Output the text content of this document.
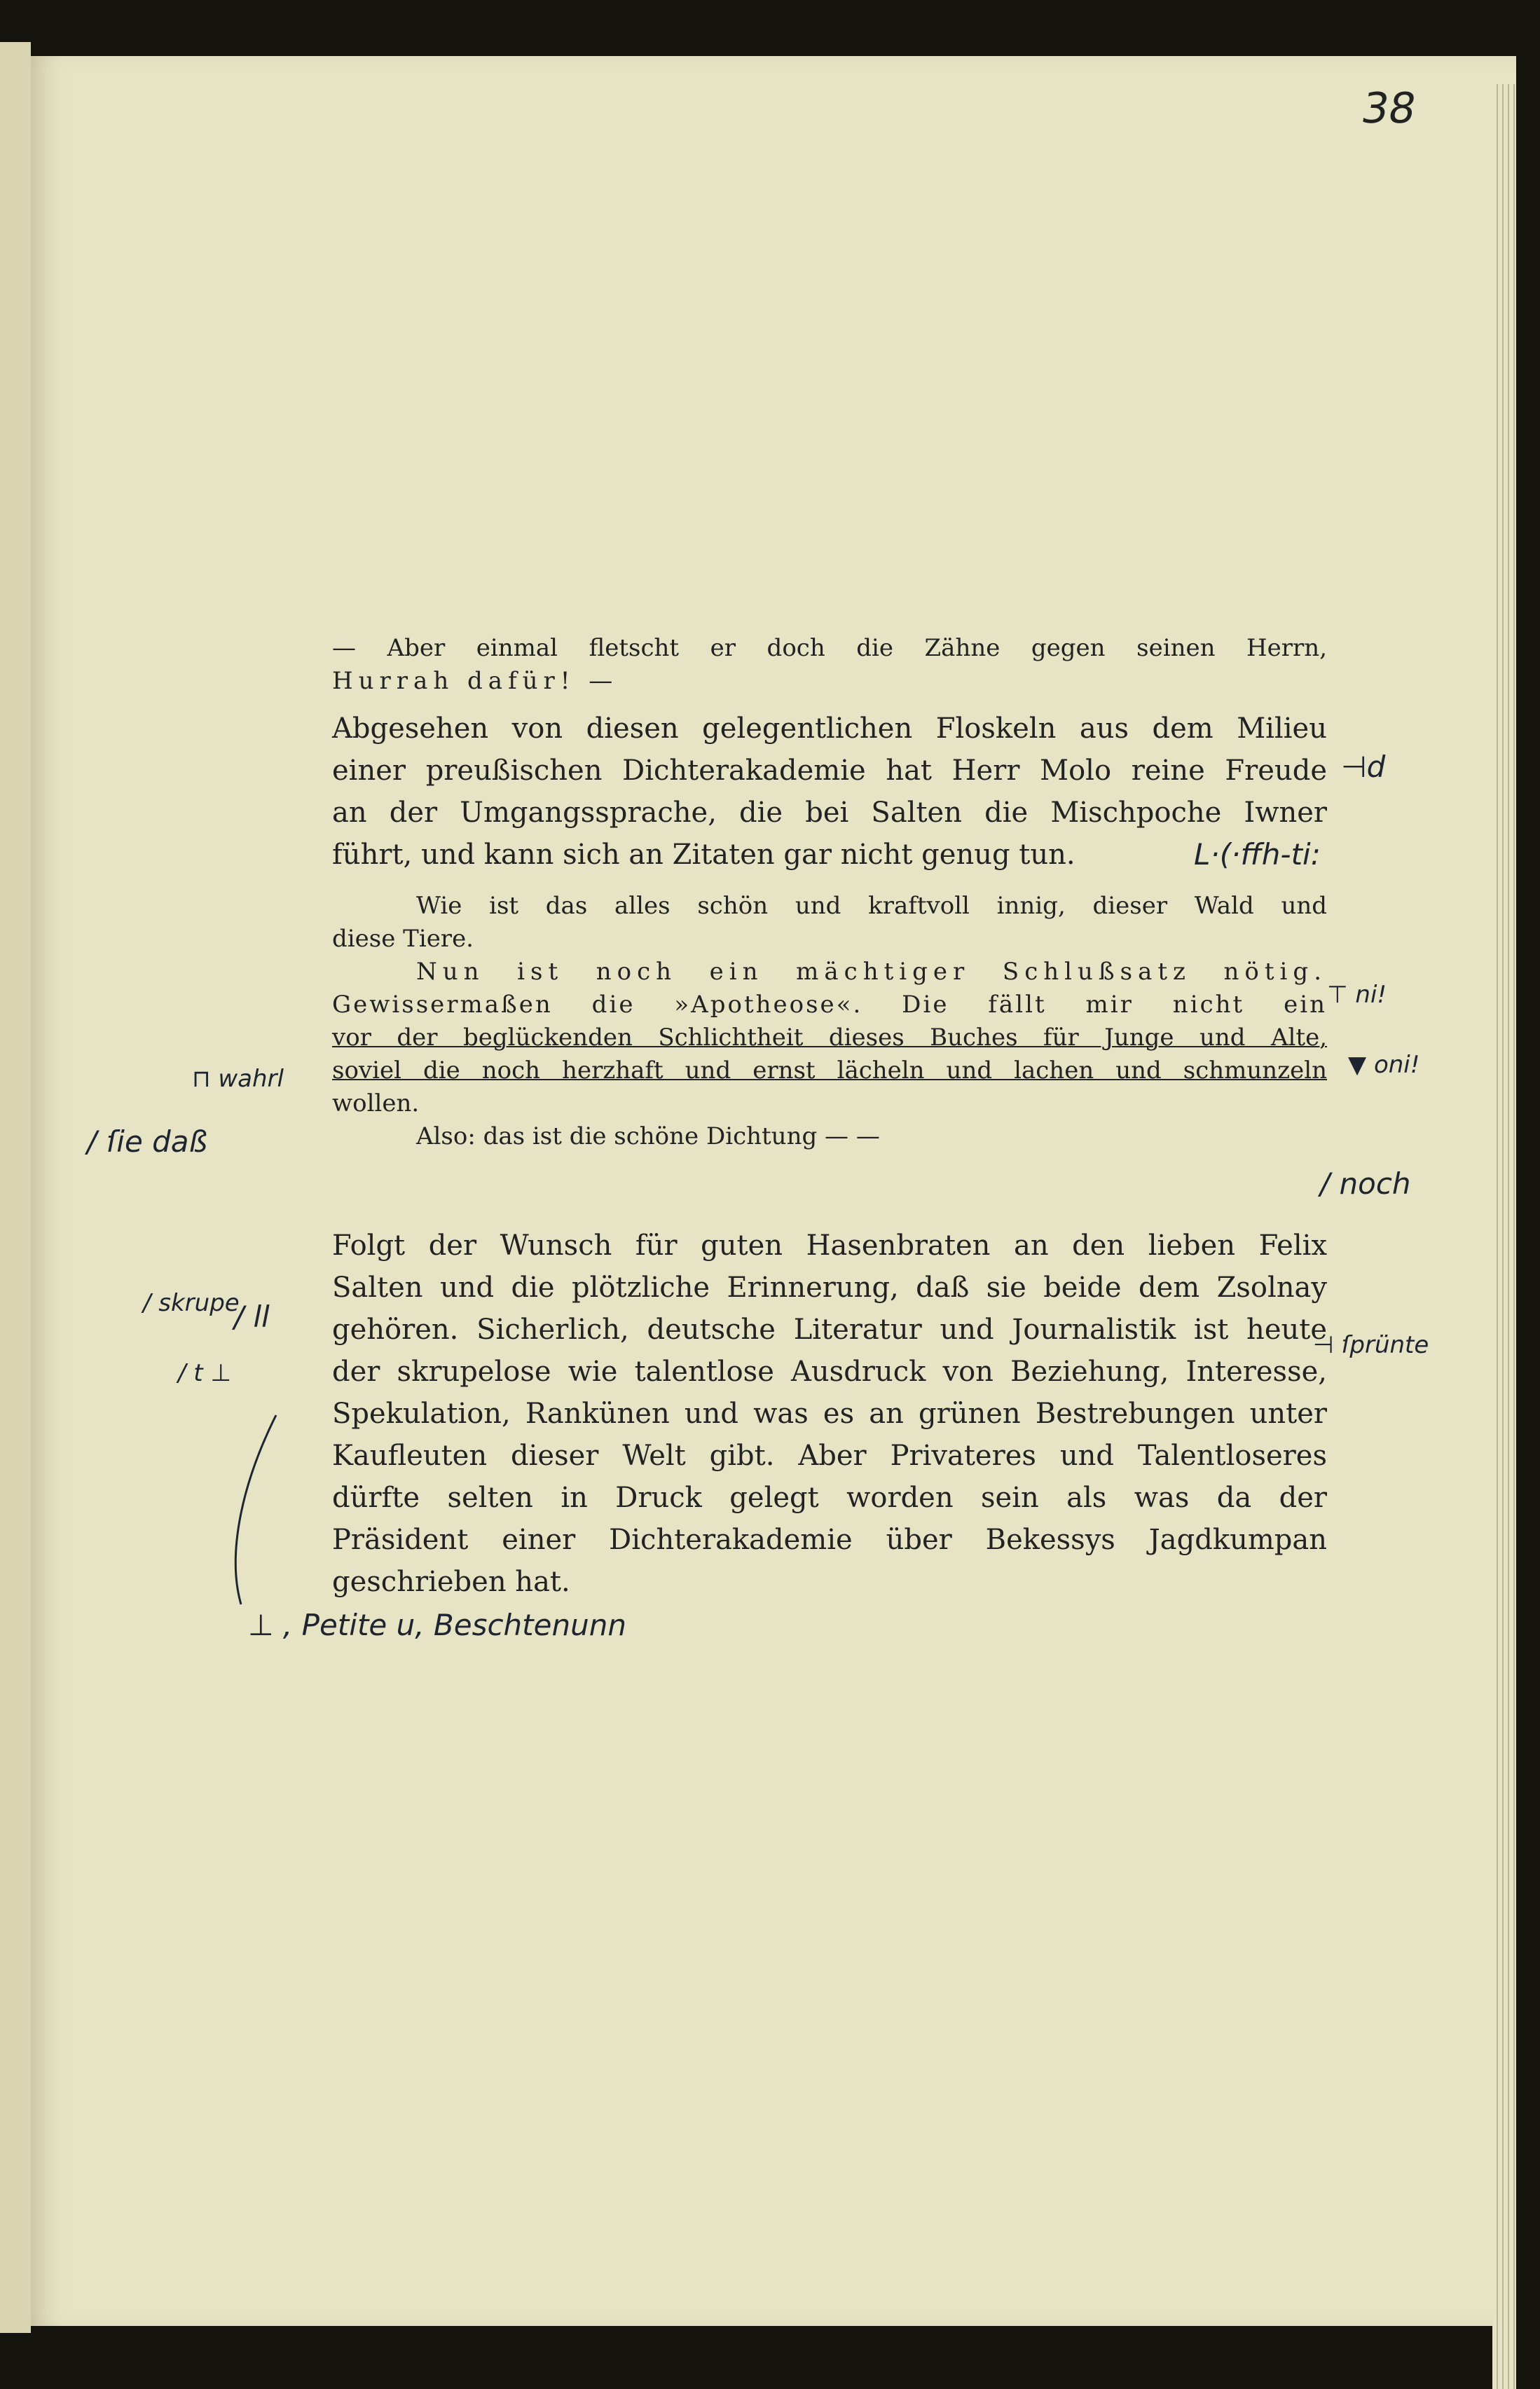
38
— Aber einmal fletscht er doch die Zähne gegen seinen Herrn,
Hurrah dafür! —
Abgesehen von diesen gelegentlichen Floskeln aus dem Milieu
einer preußischen Dichterakademie hat Herr Molo reine Freude
an der Umgangssprache, die bei Salten die Mischpoche Iwner
führt, und kann sich an Zitaten gar nicht genug tun.
Wie ist das alles schön und kraftvoll innig, dieser Wald und
diese Tiere.
Nun ist noch ein mächtiger Schlußsatz nötig.
Gewissermaßen die »Apotheose«. Die fällt mir nicht ein
vor der beglückenden Schlichtheit dieses Buches für Junge und Alte,
soviel die noch herzhaft und ernst lächeln und lachen und schmunzeln
wollen.
Also: das ist die schöne Dichtung — —
Folgt der Wunsch für guten Hasenbraten an den lieben Felix
Salten und die plötzliche Erinnerung, daß sie beide dem Zsolnay
gehören. Sicherlich, deutsche Literatur und Journalistik ist heute
der skrupelose wie talentlose Ausdruck von Beziehung, Interesse,
Spekulation, Rankünen und was es an grünen Bestrebungen unter
Kaufleuten dieser Welt gibt. Aber Privateres und Talentloseres
dürfte selten in Druck gelegt worden sein als was da der
Präsident einer Dichterakademie über Bekessys Jagdkumpan
geschrieben hat.
⊣d
L·(·ffh-ti:
⊤ ni!
▼ oni!
/ noch
⊣ ſprünte
⊓ wahrl
/ ſie daß
/ skrupe
/ ll
/ t ⊥
⊥ , Petite u, Beschtenunn
